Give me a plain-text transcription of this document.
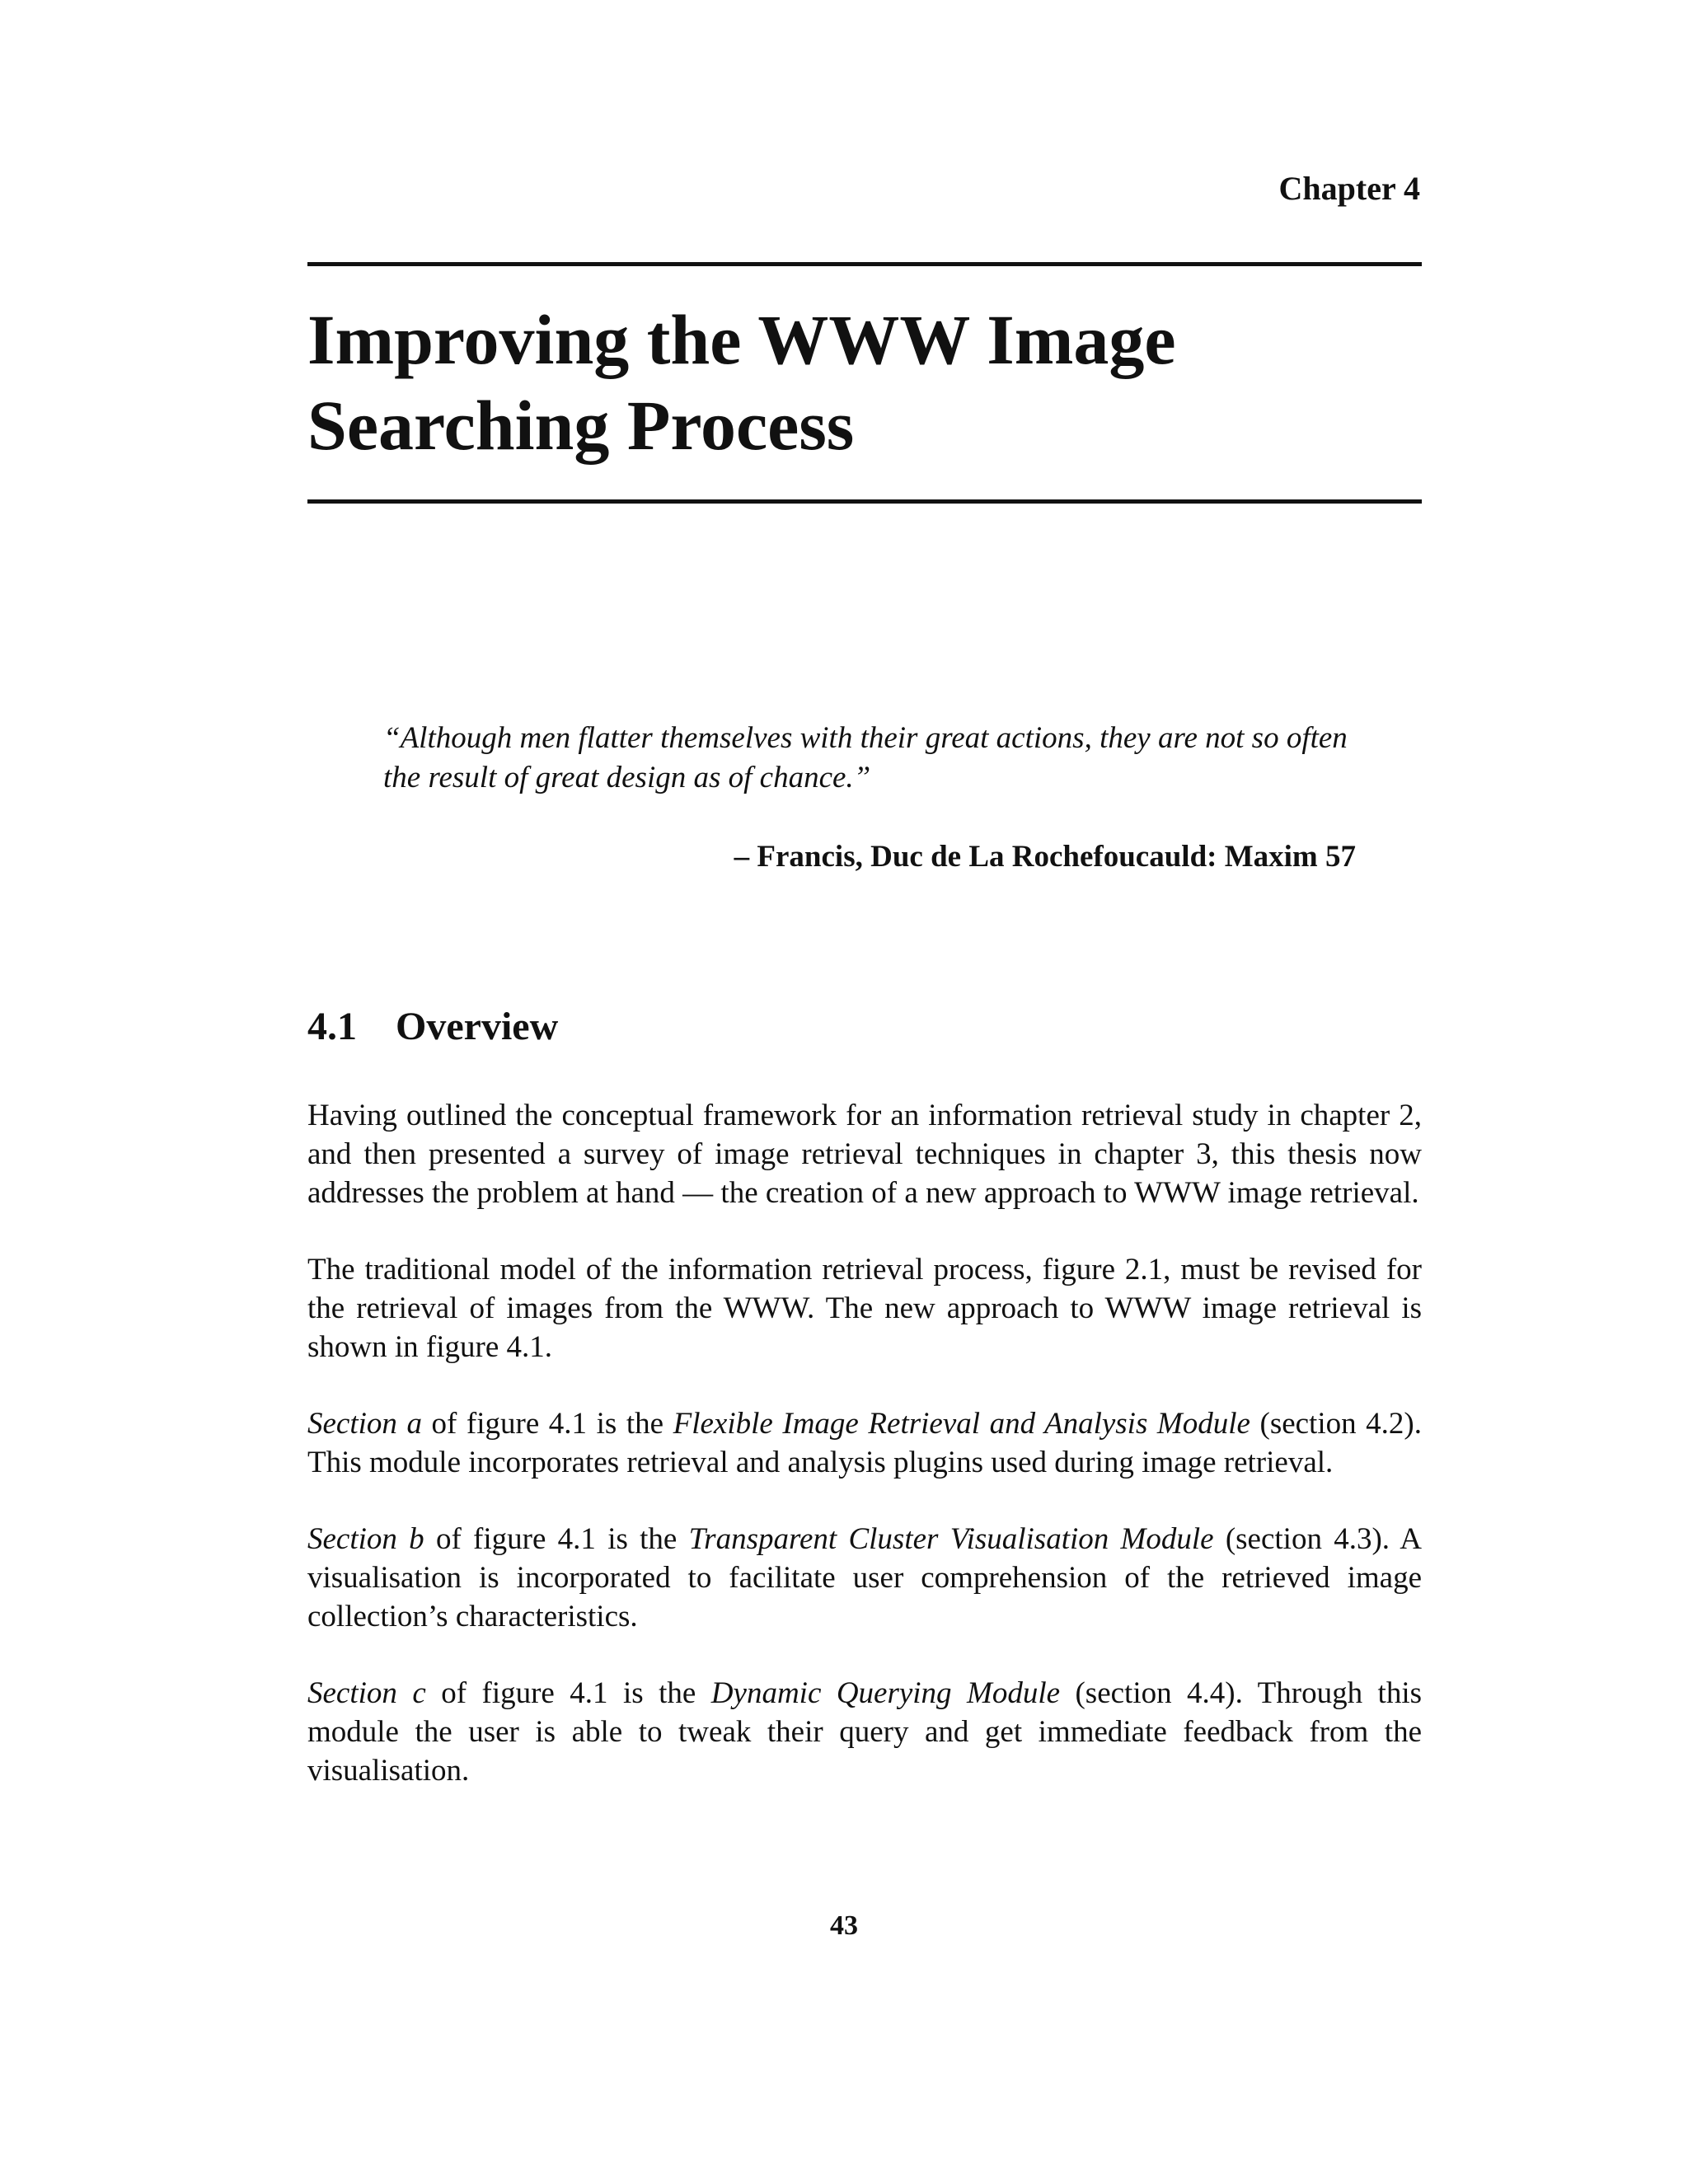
Chapter 4
Improving the WWW Image Searching Process

“Although men flatter themselves with their great actions, they are not so often the result of great design as of chance.”

– Francis, Duc de La Rochefoucauld: Maxim 57

4.1 Overview

Having outlined the conceptual framework for an information retrieval study in chapter 2, and then presented a survey of image retrieval techniques in chapter 3, this thesis now addresses the problem at hand — the creation of a new approach to WWW image retrieval.

The traditional model of the information retrieval process, figure 2.1, must be revised for the retrieval of images from the WWW. The new approach to WWW image retrieval is shown in figure 4.1.

Section a of figure 4.1 is the Flexible Image Retrieval and Analysis Module (section 4.2). This module incorporates retrieval and analysis plugins used during image retrieval.

Section b of figure 4.1 is the Transparent Cluster Visualisation Module (section 4.3). A visualisation is incorporated to facilitate user comprehension of the retrieved image collection’s characteristics.

Section c of figure 4.1 is the Dynamic Querying Module (section 4.4). Through this module the user is able to tweak their query and get immediate feedback from the visualisation.

43
